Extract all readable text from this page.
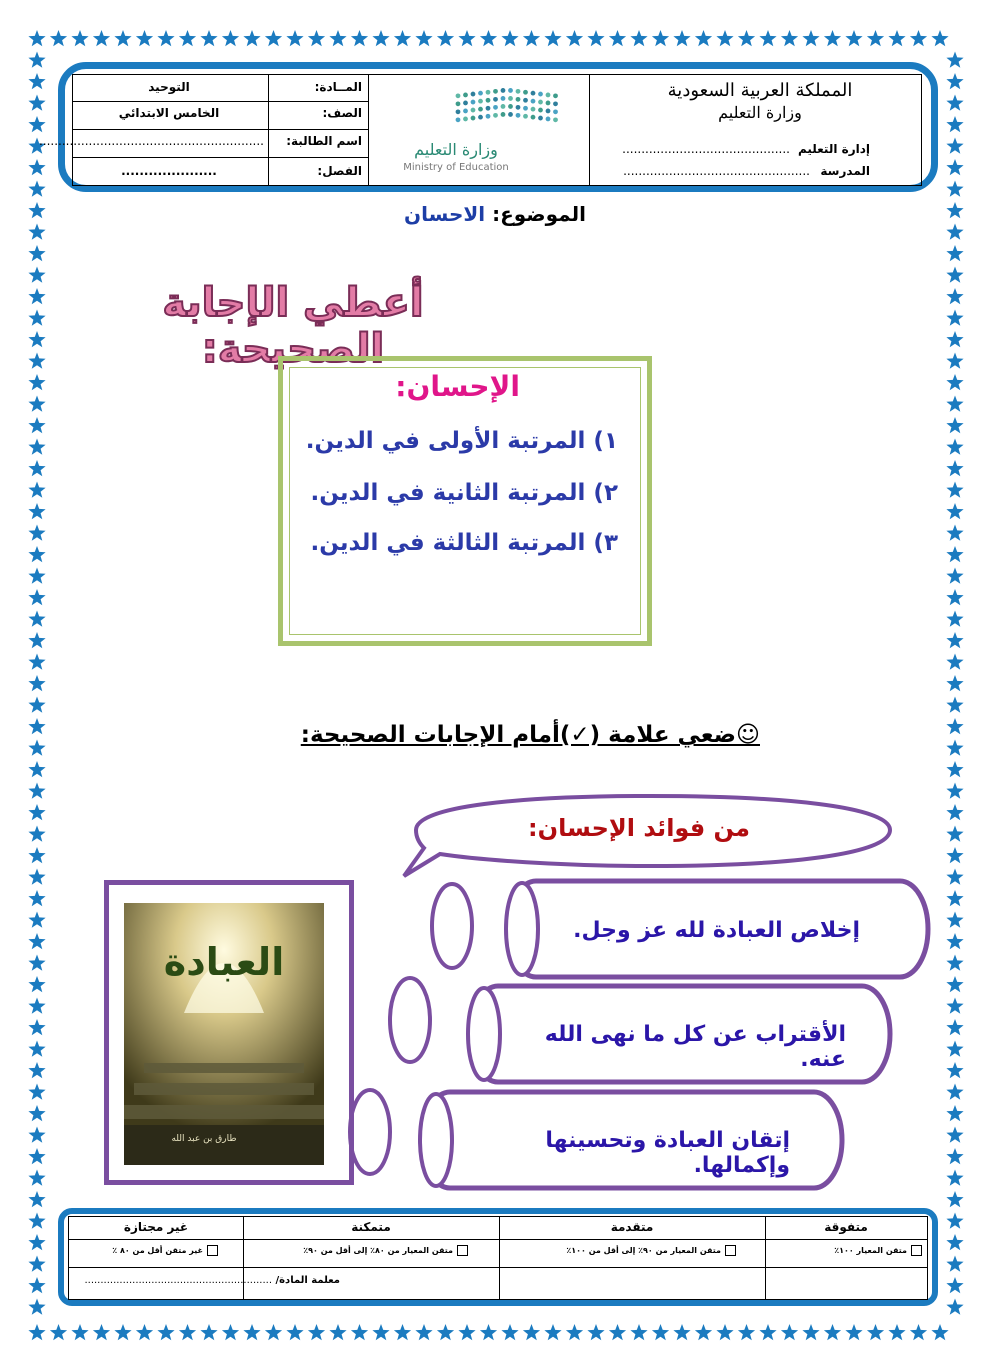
المملكة العربية السعودية
وزارة التعليم
إدارة التعليم
............................................
المدرسة
.................................................
وزارة التعليم
Ministry of Education
المــادة:
التوحيد
الصف:
الخامس الابتدائي
اسم الطالبة:
...........................................................
الفصل:
.....................
الموضوع: الاحسان
أعطي الإجابة الصحيحة:
الإحسان:
١) المرتبة الأولى في الدين.
٢) المرتبة الثانية في الدين.
٣) المرتبة الثالثة في الدين.
☺ضعي علامة (✓)أمام الإجابات الصحيحة:
من فوائد الإحسان:
إخلاص العبادة لله عز وجل.
الأقتراب عن كل ما نهى الله عنه.
إتقان العبادة وتحسينها وإكمالها.
العبادة
طارق بن عبد الله
متفوقة
متقدمة
متمكنة
غير مجتازة
متقن المعيار ١٠٠٪
متقن المعيار من ٩٠٪ إلى أقل من ١٠٠٪
متقن المعيار من ٨٠٪ إلى أقل من ٩٠٪
غير متقن أقل من ٨٠ ٪
معلمة المادة/ ...........................................................
